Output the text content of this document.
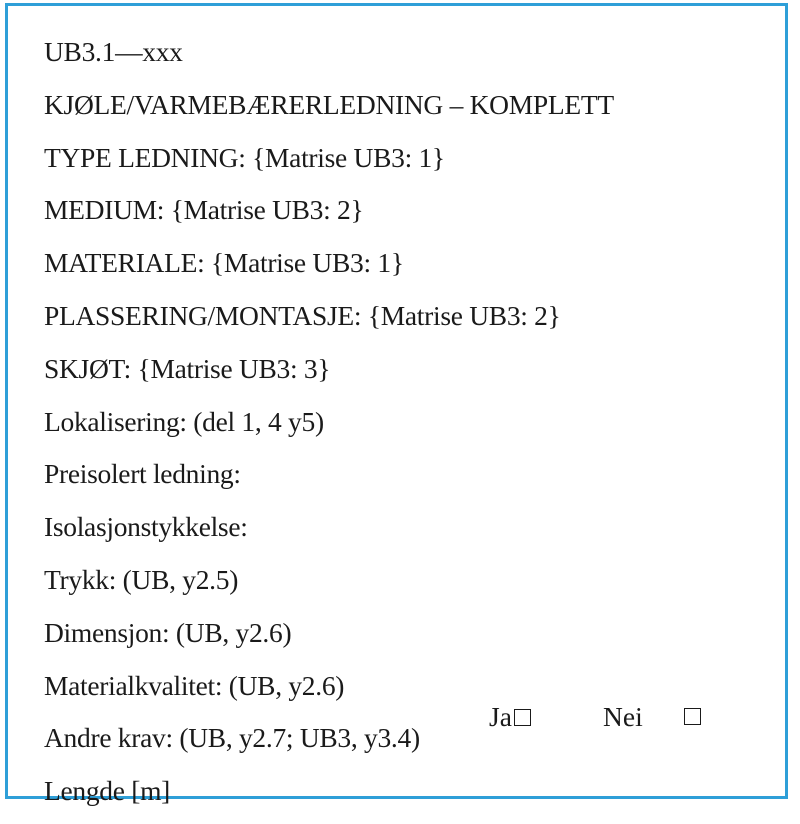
UB3.1—xxx
KJØLE/VARMEBÆRERLEDNING – KOMPLETT
TYPE LEDNING: {Matrise UB3: 1}
MEDIUM: {Matrise UB3: 2}
MATERIALE: {Matrise UB3: 1}
PLASSERING/MONTASJE: {Matrise UB3: 2}
SKJØT: {Matrise UB3: 3}
Lokalisering: (del 1, 4 y5)
Preisolert ledning:
Isolasjonstykkelse:
Trykk: (UB, y2.5)
Dimensjon: (UB, y2.6)
Materialkvalitet: (UB, y2.6)
Andre krav: (UB, y2.7; UB3, y3.4)
Lengde [m]
Ja	Nei
